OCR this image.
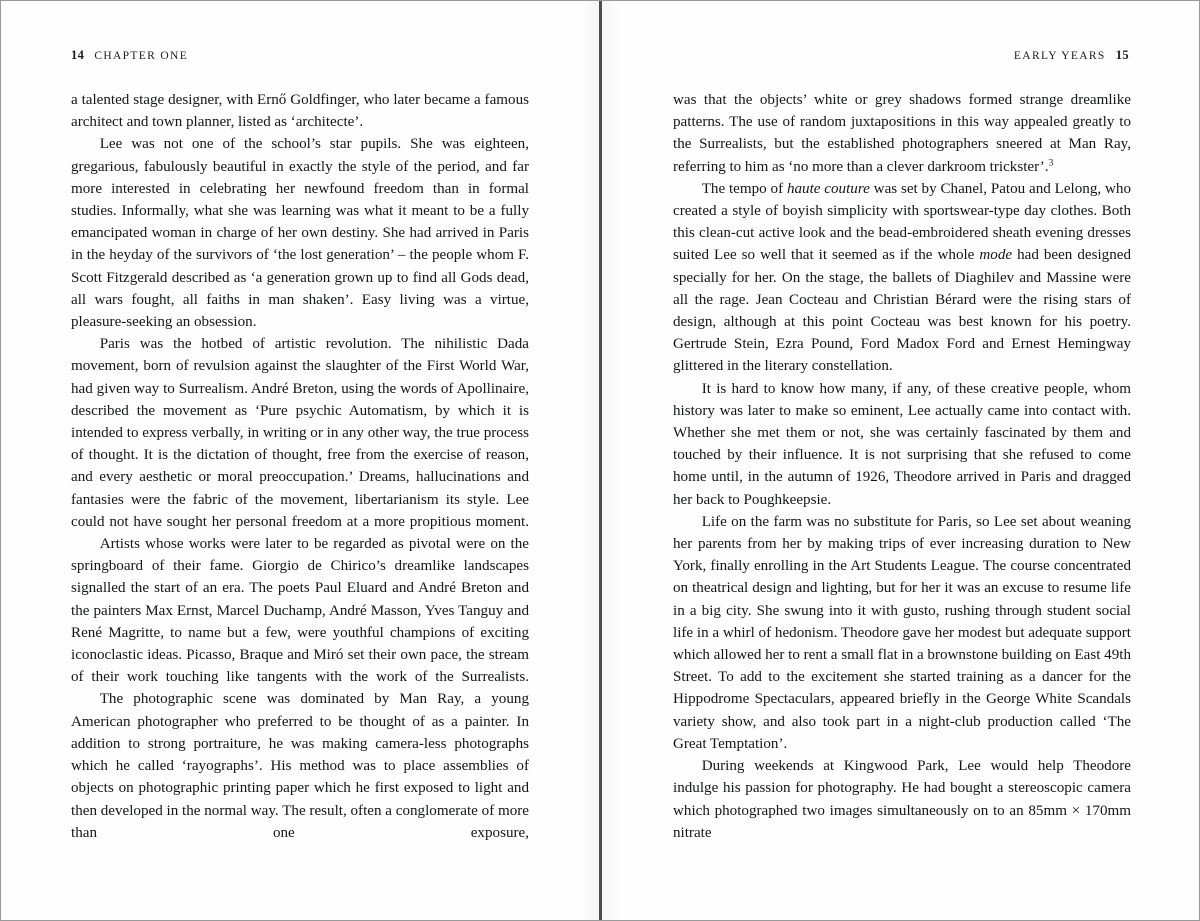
14 CHAPTER ONE

a talented stage designer, with Ernő Goldfinger, who later became a famous architect and town planner, listed as ‘architecte’.

Lee was not one of the school’s star pupils. She was eighteen, gregarious, fabulously beautiful in exactly the style of the period, and far more interested in celebrating her newfound freedom than in formal studies. Informally, what she was learning was what it meant to be a fully emancipated woman in charge of her own destiny. She had arrived in Paris in the heyday of the survivors of ‘the lost generation’ – the people whom F. Scott Fitzgerald described as ‘a generation grown up to find all Gods dead, all wars fought, all faiths in man shaken’. Easy living was a virtue, pleasure-seeking an obsession.

Paris was the hotbed of artistic revolution. The nihilistic Dada movement, born of revulsion against the slaughter of the First World War, had given way to Surrealism. André Breton, using the words of Apollinaire, described the movement as ‘Pure psychic Automatism, by which it is intended to express verbally, in writing or in any other way, the true process of thought. It is the dictation of thought, free from the exercise of reason, and every aesthetic or moral preoccupation.’ Dreams, hallucinations and fantasies were the fabric of the movement, libertarianism its style. Lee could not have sought her personal freedom at a more propitious moment.

Artists whose works were later to be regarded as pivotal were on the springboard of their fame. Giorgio de Chirico’s dreamlike landscapes signalled the start of an era. The poets Paul Eluard and André Breton and the painters Max Ernst, Marcel Duchamp, André Masson, Yves Tanguy and René Magritte, to name but a few, were youthful champions of exciting iconoclastic ideas. Picasso, Braque and Miró set their own pace, the stream of their work touching like tangents with the work of the Surrealists.

The photographic scene was dominated by Man Ray, a young American photographer who preferred to be thought of as a painter. In addition to strong portraiture, he was making camera-less photographs which he called ‘rayographs’. His method was to place assemblies of objects on photographic printing paper which he first exposed to light and then developed in the normal way. The result, often a conglomerate of more than one exposure,

EARLY YEARS 15

was that the objects’ white or grey shadows formed strange dreamlike patterns. The use of random juxtapositions in this way appealed greatly to the Surrealists, but the established photographers sneered at Man Ray, referring to him as ‘no more than a clever darkroom trickster’.$^3$

The tempo of haute couture was set by Chanel, Patou and Lelong, who created a style of boyish simplicity with sportswear-type day clothes. Both this clean-cut active look and the bead-embroidered sheath evening dresses suited Lee so well that it seemed as if the whole mode had been designed specially for her. On the stage, the ballets of Diaghilev and Massine were all the rage. Jean Cocteau and Christian Bérard were the rising stars of design, although at this point Cocteau was best known for his poetry. Gertrude Stein, Ezra Pound, Ford Madox Ford and Ernest Hemingway glittered in the literary constellation.

It is hard to know how many, if any, of these creative people, whom history was later to make so eminent, Lee actually came into contact with. Whether she met them or not, she was certainly fascinated by them and touched by their influence. It is not surprising that she refused to come home until, in the autumn of 1926, Theodore arrived in Paris and dragged her back to Poughkeepsie.

Life on the farm was no substitute for Paris, so Lee set about weaning her parents from her by making trips of ever increasing duration to New York, finally enrolling in the Art Students League. The course concentrated on theatrical design and lighting, but for her it was an excuse to resume life in a big city. She swung into it with gusto, rushing through student social life in a whirl of hedonism. Theodore gave her modest but adequate support which allowed her to rent a small flat in a brownstone building on East 49th Street. To add to the excitement she started training as a dancer for the Hippodrome Spectaculars, appeared briefly in the George White Scandals variety show, and also took part in a night-club production called ‘The Great Temptation’.

During weekends at Kingwood Park, Lee would help Theodore indulge his passion for photography. He had bought a stereoscopic camera which photographed two images simultaneously on to an 85mm × 170mm nitrate
